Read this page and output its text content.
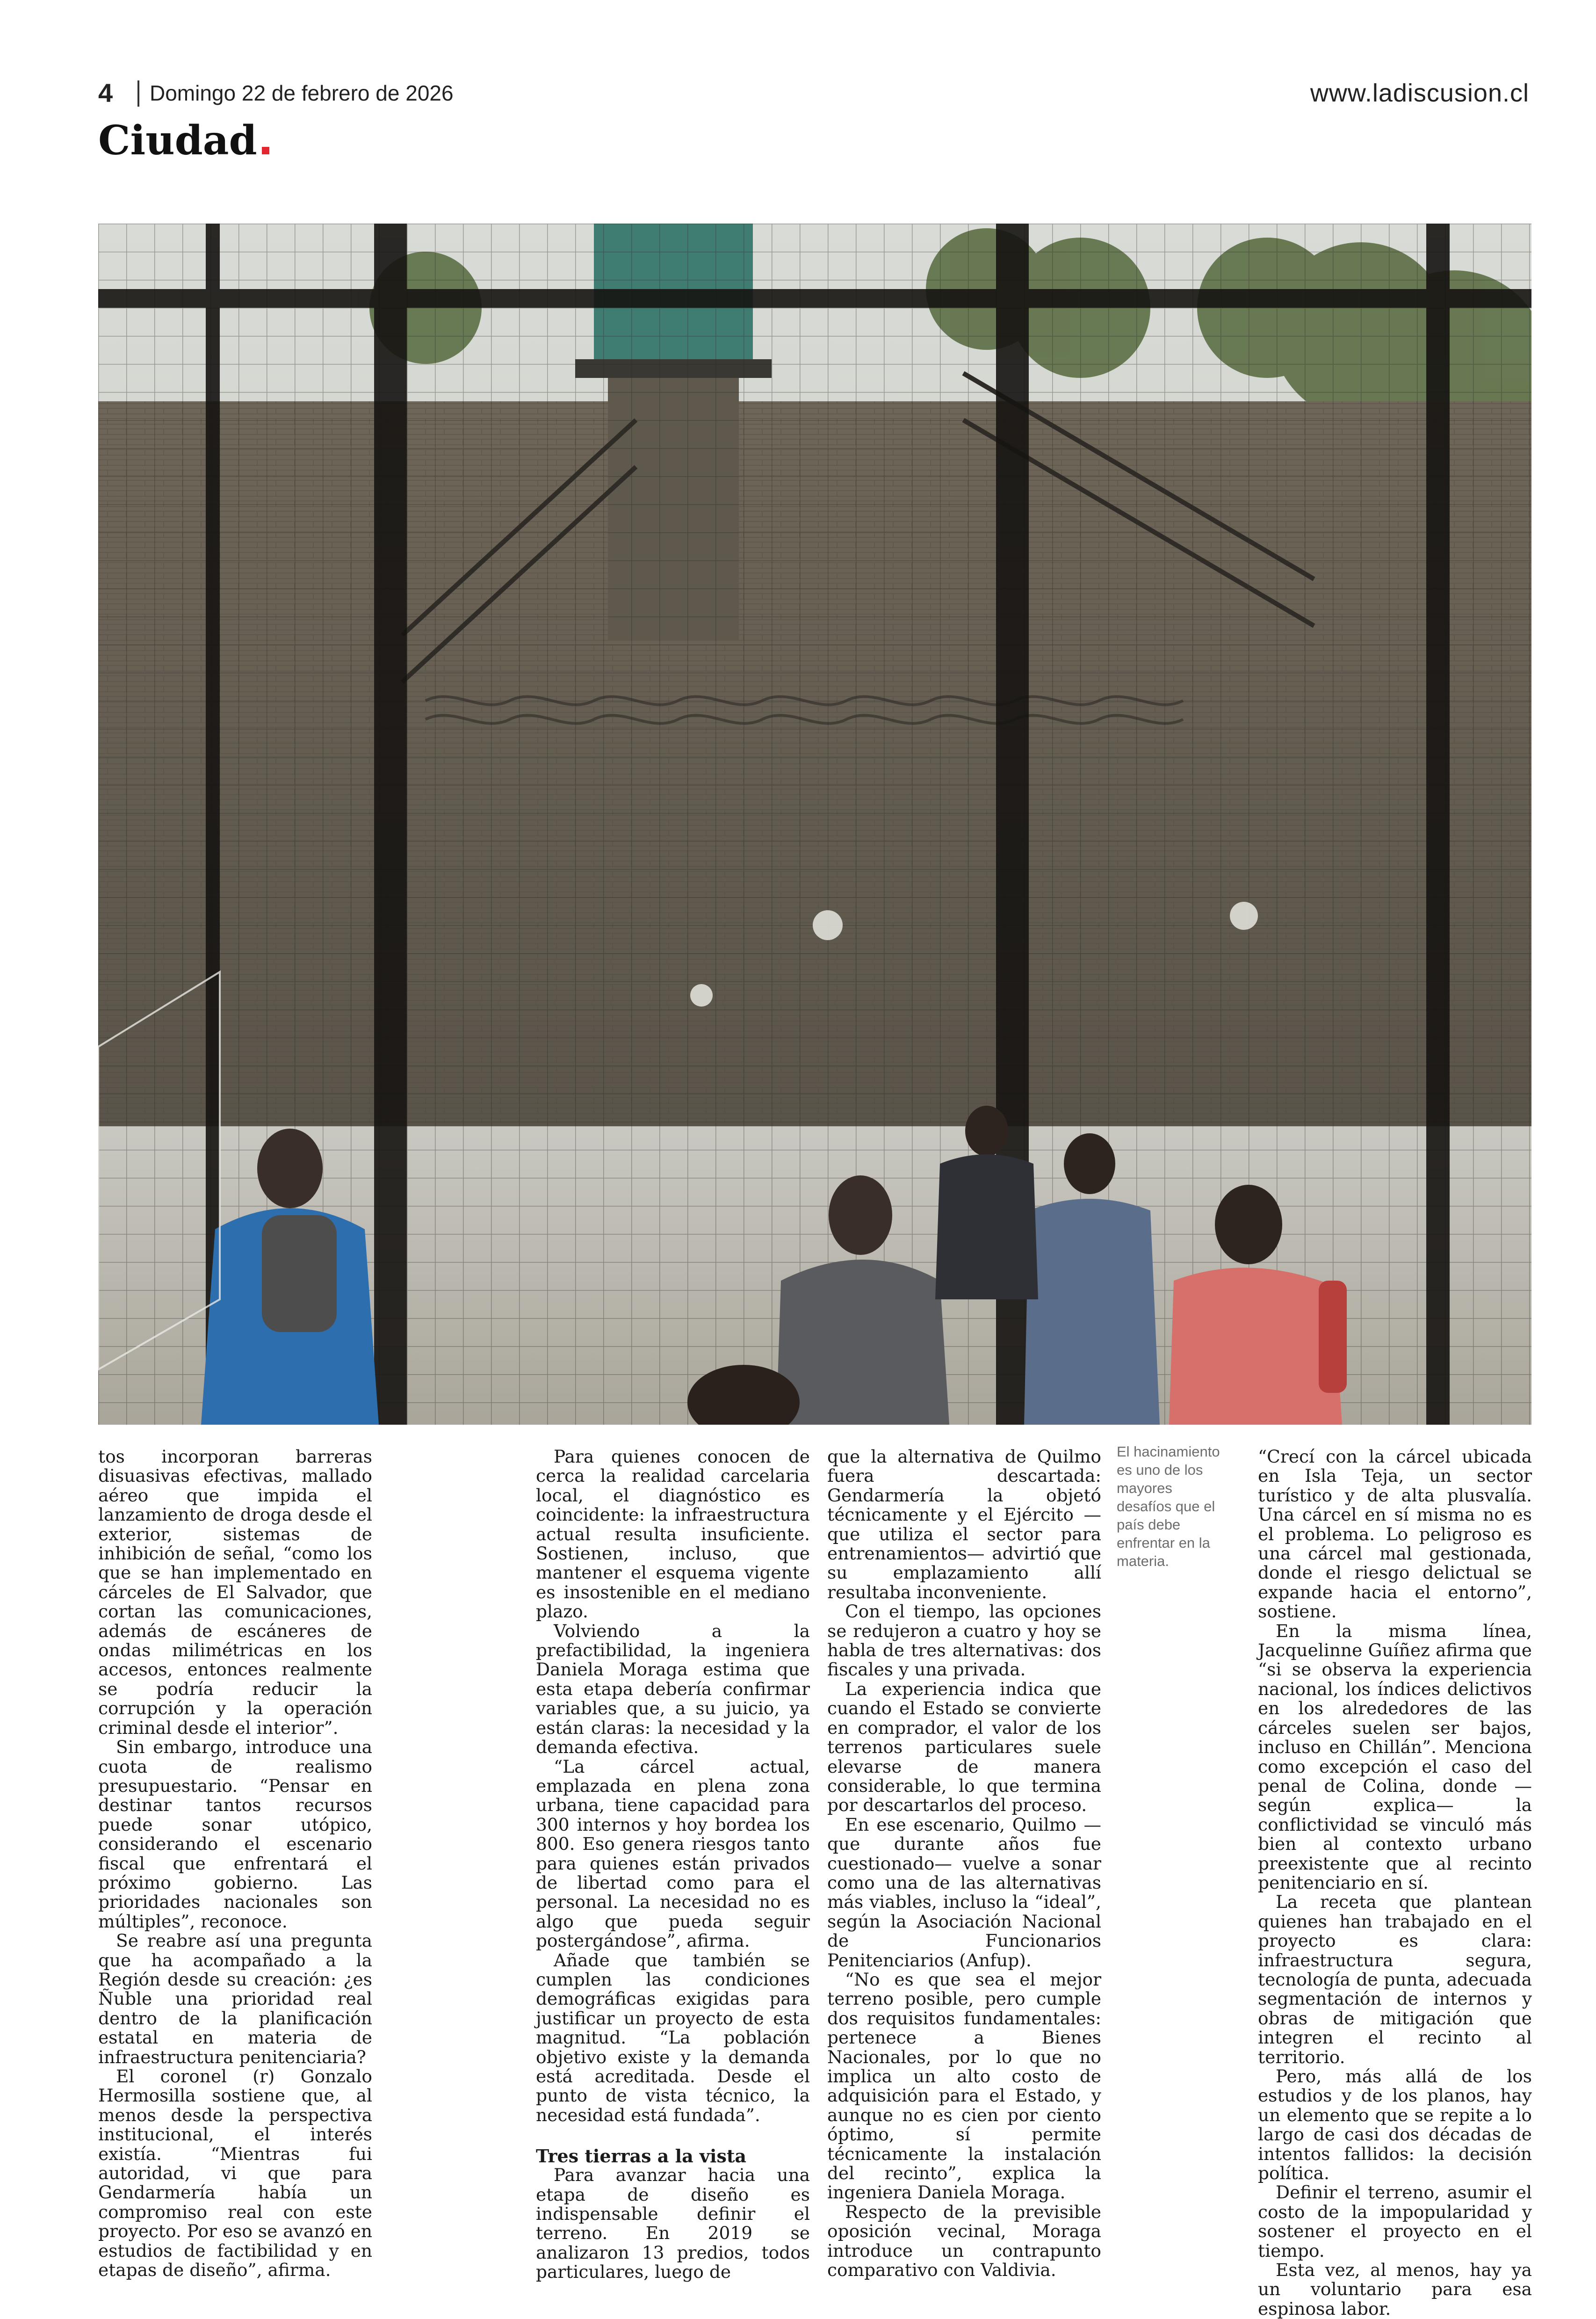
4 Domingo 22 de febrero de 2026	www.ladiscusion.cl
Ciudad

tos incorporan barreras disuasivas efectivas, mallado aéreo que impida el lanzamiento de droga desde el exterior, sistemas de inhibición de señal, “como los que se han implementado en cárceles de El Salvador, que cortan las comunicaciones, además de escáneres de ondas milimétricas en los accesos, entonces realmente se podría reducir la corrupción y la operación criminal desde el interior”.

Sin embargo, introduce una cuota de realismo presupuestario. “Pensar en destinar tantos recursos puede sonar utópico, considerando el escenario fiscal que enfrentará el próximo gobierno. Las prioridades nacionales son múltiples”, reconoce.

Se reabre así una pregunta que ha acompañado a la Región desde su creación: ¿es Ñuble una prioridad real dentro de la planificación estatal en materia de infraestructura penitenciaria?

El coronel (r) Gonzalo Hermosilla sostiene que, al menos desde la perspectiva institucional, el interés existía. “Mientras fui autoridad, vi que para Gendarmería había un compromiso real con este proyecto. Por eso se avanzó en estudios de factibilidad y en etapas de diseño”, afirma.

Para quienes conocen de cerca la realidad carcelaria local, el diagnóstico es coincidente: la infraestructura actual resulta insuficiente. Sostienen, incluso, que mantener el esquema vigente es insostenible en el mediano plazo.

Volviendo a la prefactibilidad, la ingeniera Daniela Moraga estima que esta etapa debería confirmar variables que, a su juicio, ya están claras: la necesidad y la demanda efectiva.

“La cárcel actual, emplazada en plena zona urbana, tiene capacidad para 300 internos y hoy bordea los 800. Eso genera riesgos tanto para quienes están privados de libertad como para el personal. La necesidad no es algo que pueda seguir postergándose”, afirma.

Añade que también se cumplen las condiciones demográficas exigidas para justificar un proyecto de esta magnitud. “La población objetivo existe y la demanda está acreditada. Desde el punto de vista técnico, la necesidad está fundada”.

Tres tierras a la vista

Para avanzar hacia una etapa de diseño es indispensable definir el terreno. En 2019 se analizaron 13 predios, todos particulares, luego de

que la alternativa de Quilmo fuera descartada: Gendarmería la objetó técnicamente y el Ejército —que utiliza el sector para entrenamientos— advirtió que su emplazamiento allí resultaba inconveniente.

Con el tiempo, las opciones se redujeron a cuatro y hoy se habla de tres alternativas: dos fiscales y una privada.

La experiencia indica que cuando el Estado se convierte en comprador, el valor de los terrenos particulares suele elevarse de manera considerable, lo que termina por descartarlos del proceso.

En ese escenario, Quilmo —que durante años fue cuestionado— vuelve a sonar como una de las alternativas más viables, incluso la “ideal”, según la Asociación Nacional de Funcionarios Penitenciarios (Anfup).

“No es que sea el mejor terreno posible, pero cumple dos requisitos fundamentales: pertenece a Bienes Nacionales, por lo que no implica un alto costo de adquisición para el Estado, y aunque no es cien por ciento óptimo, sí permite técnicamente la instalación del recinto”, explica la ingeniera Daniela Moraga.

Respecto de la previsible oposición vecinal, Moraga introduce un contrapunto comparativo con Valdivia.

El hacinamiento es uno de los mayores desafíos que el país debe enfrentar en la materia.

“Crecí con la cárcel ubicada en Isla Teja, un sector turístico y de alta plusvalía. Una cárcel en sí misma no es el problema. Lo peligroso es una cárcel mal gestionada, donde el riesgo delictual se expande hacia el entorno”, sostiene.

En la misma línea, Jacquelinne Guíñez afirma que “si se observa la experiencia nacional, los índices delictivos en los alrededores de las cárceles suelen ser bajos, incluso en Chillán”. Menciona como excepción el caso del penal de Colina, donde —según explica— la conflictividad se vinculó más bien al contexto urbano preexistente que al recinto penitenciario en sí.

La receta que plantean quienes han trabajado en el proyecto es clara: infraestructura segura, tecnología de punta, adecuada segmentación de internos y obras de mitigación que integren el recinto al territorio.

Pero, más allá de los estudios y de los planos, hay un elemento que se repite a lo largo de casi dos décadas de intentos fallidos: la decisión política.

Definir el terreno, asumir el costo de la impopularidad y sostener el proyecto en el tiempo.

Esta vez, al menos, hay ya un voluntario para esa espinosa labor.
